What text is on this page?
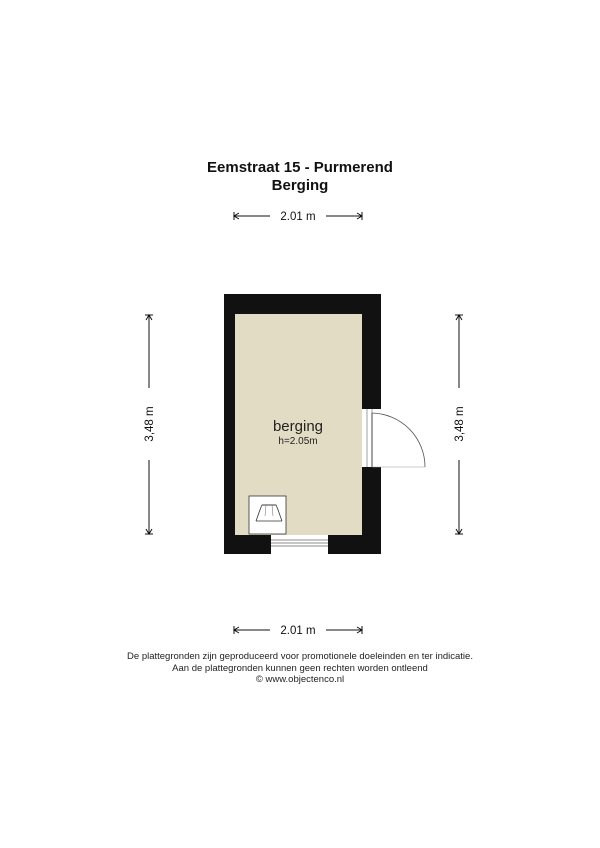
Eemstraat 15 - Purmerend
Berging
2.01 m
3,48 m	3,48 m
berging
h=2.05m
2.01 m
De plattegronden zijn geproduceerd voor promotionele doeleinden en ter indicatie.
Aan de plattegronden kunnen geen rechten worden ontleend
© www.objectenco.nl
